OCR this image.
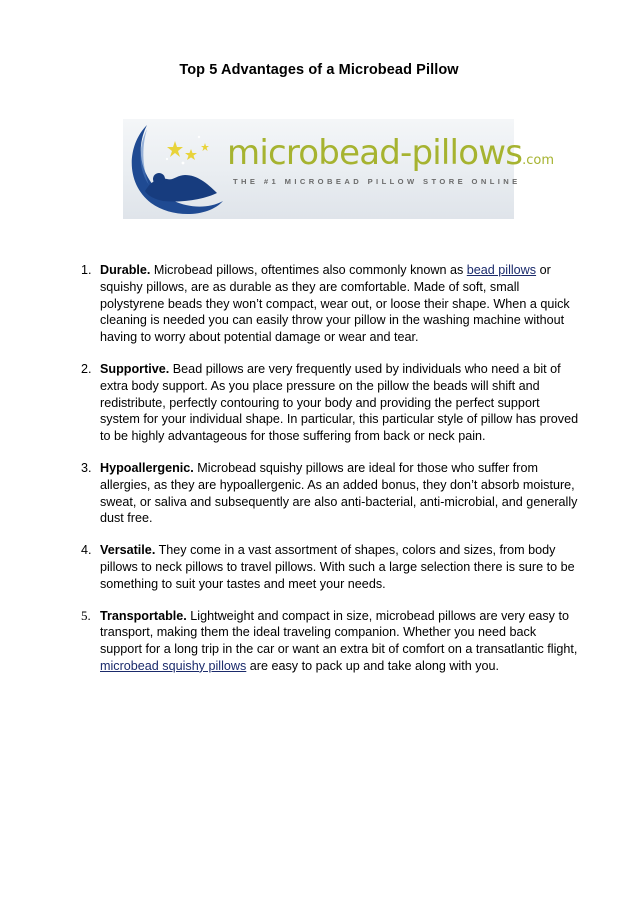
Top 5 Advantages of a Microbead Pillow
microbead-pillows.com
THE #1 MICROBEAD PILLOW STORE ONLINE
1. Durable. Microbead pillows, oftentimes also commonly known as bead pillows or squishy pillows, are as durable as they are comfortable. Made of soft, small polystyrene beads they won’t compact, wear out, or loose their shape. When a quick cleaning is needed you can easily throw your pillow in the washing machine without having to worry about potential damage or wear and tear.
2. Supportive. Bead pillows are very frequently used by individuals who need a bit of extra body support. As you place pressure on the pillow the beads will shift and redistribute, perfectly contouring to your body and providing the perfect support system for your individual shape. In particular, this particular style of pillow has proved to be highly advantageous for those suffering from back or neck pain.
3. Hypoallergenic. Microbead squishy pillows are ideal for those who suffer from allergies, as they are hypoallergenic. As an added bonus, they don’t absorb moisture, sweat, or saliva and subsequently are also anti-bacterial, anti-microbial, and generally dust free.
4. Versatile. They come in a vast assortment of shapes, colors and sizes, from body pillows to neck pillows to travel pillows. With such a large selection there is sure to be something to suit your tastes and meet your needs.
5. Transportable. Lightweight and compact in size, microbead pillows are very easy to transport, making them the ideal traveling companion. Whether you need back support for a long trip in the car or want an extra bit of comfort on a transatlantic flight, microbead squishy pillows are easy to pack up and take along with you.
